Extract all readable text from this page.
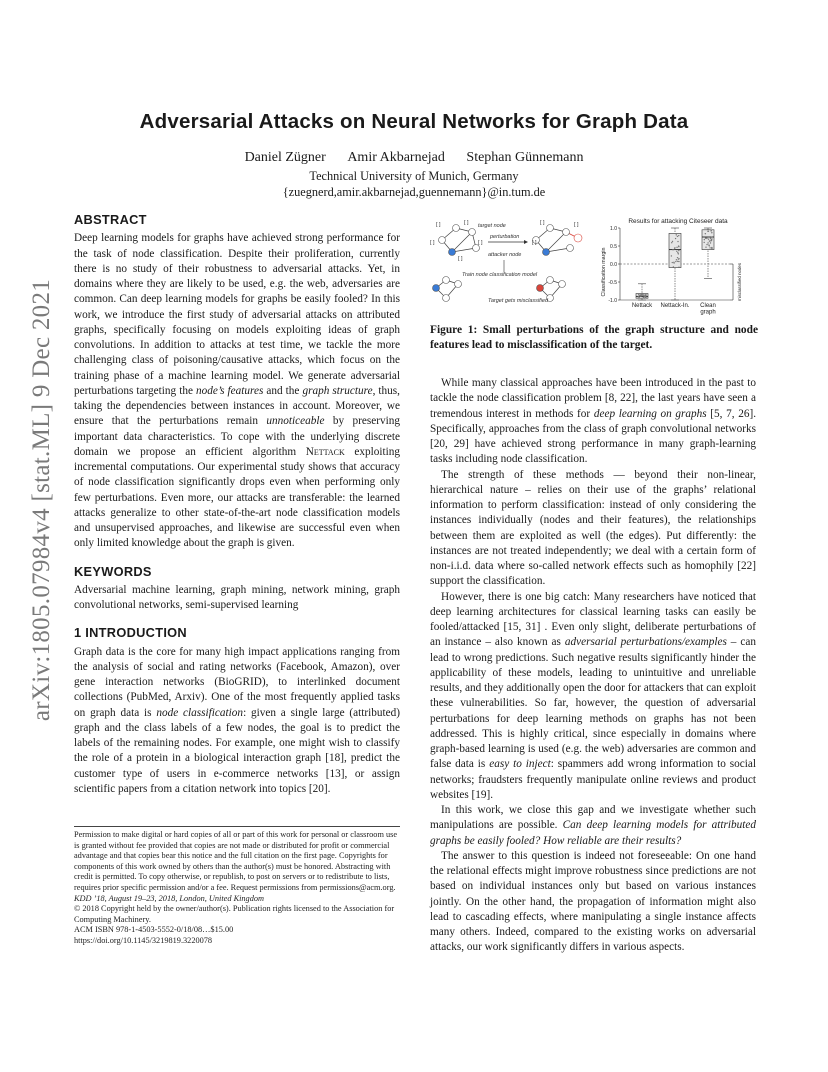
arXiv:1805.07984v4 [stat.ML] 9 Dec 2021
Adversarial Attacks on Neural Networks for Graph Data
Daniel Zügner Amir Akbarnejad Stephan Günnemann
Technical University of Munich, Germany
{zuegnerd,amir.akbarnejad,guennemann}@in.tum.de
ABSTRACT

Deep learning models for graphs have achieved strong performance for the task of node classification. Despite their proliferation, currently there is no study of their robustness to adversarial attacks. Yet, in domains where they are likely to be used, e.g. the web, adversaries are common. Can deep learning models for graphs be easily fooled? In this work, we introduce the first study of adversarial attacks on attributed graphs, specifically focusing on models exploiting ideas of graph convolutions. In addition to attacks at test time, we tackle the more challenging class of poisoning/causative attacks, which focus on the training phase of a machine learning model. We generate adversarial perturbations targeting the node’s features and the graph structure, thus, taking the dependencies between instances in account. Moreover, we ensure that the perturbations remain unnoticeable by preserving important data characteristics. To cope with the underlying discrete domain we propose an efficient algorithm Nettack exploiting incremental computations. Our experimental study shows that accuracy of node classification significantly drops even when performing only few perturbations. Even more, our attacks are transferable: the learned attacks generalize to other state-of-the-art node classification models and unsupervised approaches, and likewise are successful even when only limited knowledge about the graph is given.

KEYWORDS

Adversarial machine learning, graph mining, network mining, graph convolutional networks, semi-supervised learning

1 INTRODUCTION

Graph data is the core for many high impact applications ranging from the analysis of social and rating networks (Facebook, Amazon), over gene interaction networks (BioGRID), to interlinked document collections (PubMed, Arxiv). One of the most frequently applied tasks on graph data is node classification: given a single large (attributed) graph and the class labels of a few nodes, the goal is to predict the labels of the remaining nodes. For example, one might wish to classify the role of a protein in a biological interaction graph [18], predict the customer type of users in e-commerce networks [13], or assign scientific papers from a citation network into topics [20].

Permission to make digital or hard copies of all or part of this work for personal or classroom use is granted without fee provided that copies are not made or distributed for profit or commercial advantage and that copies bear this notice and the full citation on the first page. Copyrights for components of this work owned by others than the author(s) must be honored. Abstracting with credit is permitted. To copy otherwise, or republish, to post on servers or to redistribute to lists, requires prior specific permission and/or a fee. Request permissions from permissions@acm.org.
KDD ’18, August 19–23, 2018, London, United Kingdom
© 2018 Copyright held by the owner/author(s). Publication rights licensed to the Association for Computing Machinery.
ACM ISBN 978-1-4503-5552-0/18/08…$15.00
https://doi.org/10.1145/3219819.3220078
[ ]	[ ]
[ ]	[ ]
[ ]
[ ]
[ ]
[ ]
target node
perturbation
attacker node
Train node classification model
Target gets misclassified
Results for attacking Citeseer data
Classification margin
1.0
0.5
0.0
-0.5
-1.0
Nettack Nettack-In. Clean
graph
misclassified nodes
Figure 1: Small perturbations of the graph structure and node features lead to misclassification of the target.

While many classical approaches have been introduced in the past to tackle the node classification problem [8, 22], the last years have seen a tremendous interest in methods for deep learning on graphs [5, 7, 26]. Specifically, approaches from the class of graph convolutional networks [20, 29] have achieved strong performance in many graph-learning tasks including node classification.

The strength of these methods — beyond their non-linear, hierarchical nature – relies on their use of the graphs’ relational information to perform classification: instead of only considering the instances individually (nodes and their features), the relationships between them are exploited as well (the edges). Put differently: the instances are not treated independently; we deal with a certain form of non-i.i.d. data where so-called network effects such as homophily [22] support the classification.

However, there is one big catch: Many researchers have noticed that deep learning architectures for classical learning tasks can easily be fooled/attacked [15, 31] . Even only slight, deliberate perturbations of an instance – also known as adversarial perturbations/examples – can lead to wrong predictions. Such negative results significantly hinder the applicability of these models, leading to unintuitive and unreliable results, and they additionally open the door for attackers that can exploit these vulnerabilities. So far, however, the question of adversarial perturbations for deep learning methods on graphs has not been addressed. This is highly critical, since especially in domains where graph-based learning is used (e.g. the web) adversaries are common and false data is easy to inject: spammers add wrong information to social networks; fraudsters frequently manipulate online reviews and product websites [19].

In this work, we close this gap and we investigate whether such manipulations are possible. Can deep learning models for attributed graphs be easily fooled? How reliable are their results?

The answer to this question is indeed not foreseeable: On one hand the relational effects might improve robustness since predictions are not based on individual instances only but based on various instances jointly. On the other hand, the propagation of information might also lead to cascading effects, where manipulating a single instance affects many others. Indeed, compared to the existing works on adversarial attacks, our work significantly differs in various aspects.
